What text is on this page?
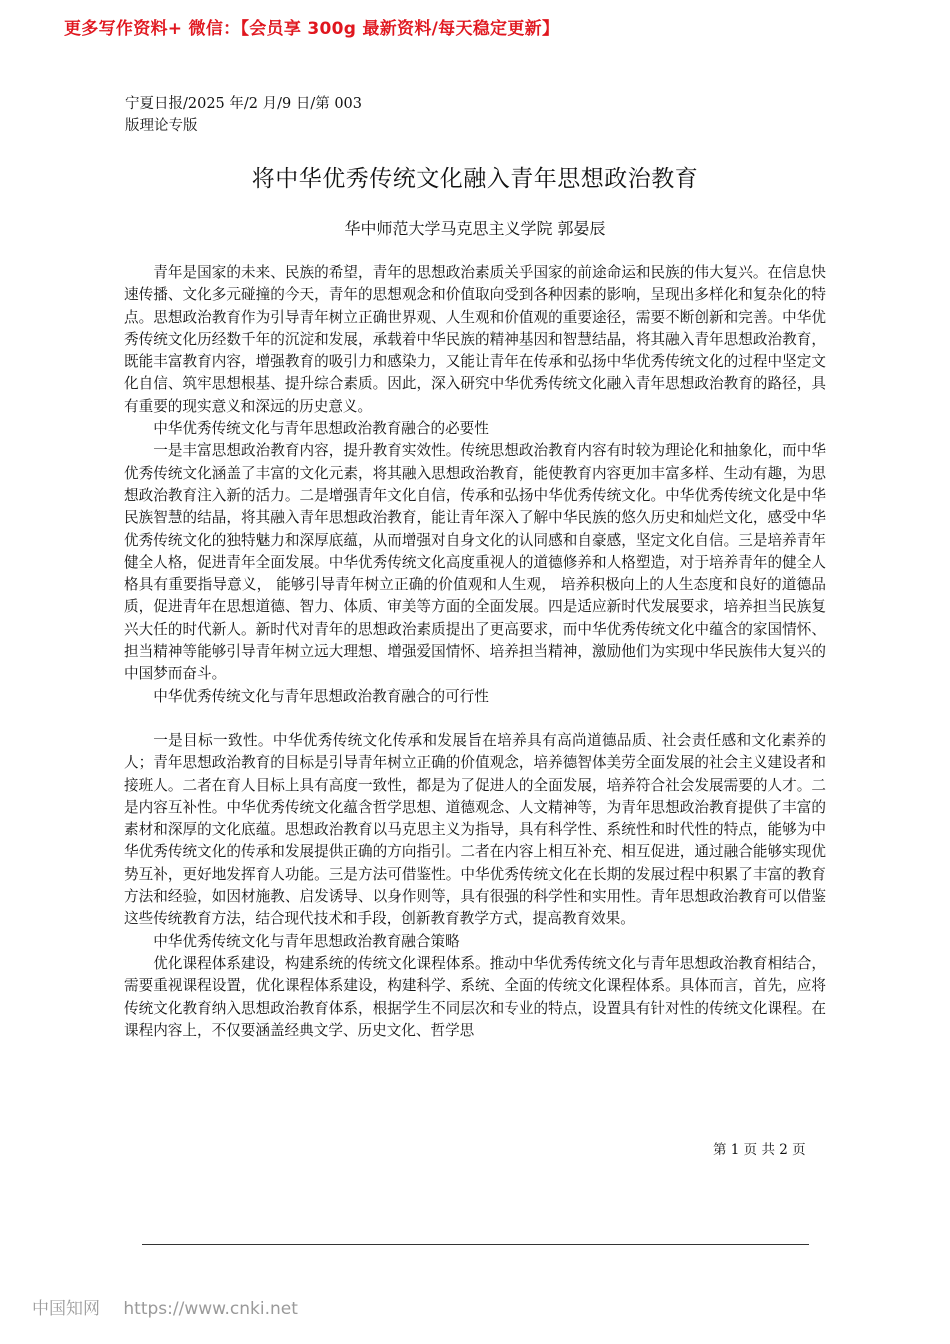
更多写作资料+ 微信：【会员享 300g 最新资料/每天稳定更新】
宁夏日报/2025 年/2 月/9 日/第 003
版理论专版
将中华优秀传统文化融入青年思想政治教育
华中师范大学马克思主义学院 郭晏辰

青年是国家的未来、民族的希望，青年的思想政治素质关乎国家的前途命运和民族的伟大复兴。在信息快速传播、文化多元碰撞的今天，青年的思想观念和价值取向受到各种因素的影响，呈现出多样化和复杂化的特点。思想政治教育作为引导青年树立正确世界观、人生观和价值观的重要途径，需要不断创新和完善。中华优秀传统文化历经数千年的沉淀和发展，承载着中华民族的精神基因和智慧结晶，将其融入青年思想政治教育，既能丰富教育内容，增强教育的吸引力和感染力，又能让青年在传承和弘扬中华优秀传统文化的过程中坚定文化自信、筑牢思想根基、提升综合素质。因此，深入研究中华优秀传统文化融入青年思想政治教育的路径，具有重要的现实意义和深远的历史意义。

中华优秀传统文化与青年思想政治教育融合的必要性

一是丰富思想政治教育内容，提升教育实效性。传统思想政治教育内容有时较为理论化和抽象化，而中华优秀传统文化涵盖了丰富的文化元素，将其融入思想政治教育，能使教育内容更加丰富多样、生动有趣，为思想政治教育注入新的活力。二是增强青年文化自信，传承和弘扬中华优秀传统文化。中华优秀传统文化是中华民族智慧的结晶，将其融入青年思想政治教育，能让青年深入了解中华民族的悠久历史和灿烂文化，感受中华优秀传统文化的独特魅力和深厚底蕴，从而增强对自身文化的认同感和自豪感，坚定文化自信。三是培养青年健全人格，促进青年全面发展。中华优秀传统文化高度重视人的道德修养和人格塑造，对于培养青年的健全人格具有重要指导意义， 能够引导青年树立正确的价值观和人生观， 培养积极向上的人生态度和良好的道德品质，促进青年在思想道德、智力、体质、审美等方面的全面发展。四是适应新时代发展要求，培养担当民族复兴大任的时代新人。新时代对青年的思想政治素质提出了更高要求，而中华优秀传统文化中蕴含的家国情怀、担当精神等能够引导青年树立远大理想、增强爱国情怀、培养担当精神，激励他们为实现中华民族伟大复兴的中国梦而奋斗。

中华优秀传统文化与青年思想政治教育融合的可行性

一是目标一致性。中华优秀传统文化传承和发展旨在培养具有高尚道德品质、社会责任感和文化素养的人；青年思想政治教育的目标是引导青年树立正确的价值观念，培养德智体美劳全面发展的社会主义建设者和接班人。二者在育人目标上具有高度一致性，都是为了促进人的全面发展，培养符合社会发展需要的人才。二是内容互补性。中华优秀传统文化蕴含哲学思想、道德观念、人文精神等，为青年思想政治教育提供了丰富的素材和深厚的文化底蕴。思想政治教育以马克思主义为指导，具有科学性、系统性和时代性的特点，能够为中华优秀传统文化的传承和发展提供正确的方向指引。二者在内容上相互补充、相互促进，通过融合能够实现优势互补，更好地发挥育人功能。三是方法可借鉴性。中华优秀传统文化在长期的发展过程中积累了丰富的教育方法和经验，如因材施教、启发诱导、以身作则等，具有很强的科学性和实用性。青年思想政治教育可以借鉴这些传统教育方法，结合现代技术和手段，创新教育教学方式，提高教育效果。

中华优秀传统文化与青年思想政治教育融合策略

优化课程体系建设，构建系统的传统文化课程体系。推动中华优秀传统文化与青年思想政治教育相结合，需要重视课程设置，优化课程体系建设，构建科学、系统、全面的传统文化课程体系。具体而言，首先，应将传统文化教育纳入思想政治教育体系，根据学生不同层次和专业的特点，设置具有针对性的传统文化课程。在课程内容上，不仅要涵盖经典文学、历史文化、哲学思

第 1 页 共 2 页
中国知网 https://www.cnki.net
